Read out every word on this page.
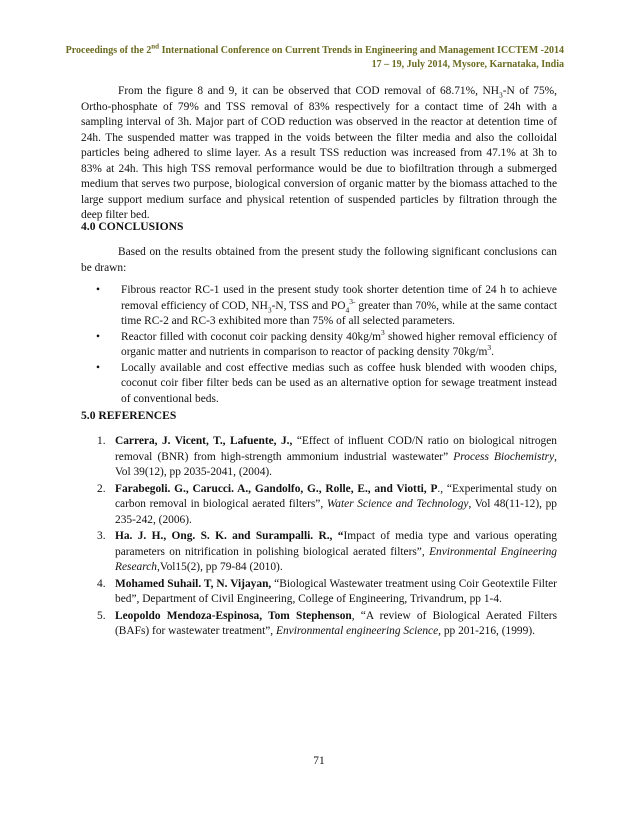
Proceedings of the 2nd International Conference on Current Trends in Engineering and Management ICCTEM -2014
17 – 19, July 2014, Mysore, Karnataka, India

From the figure 8 and 9, it can be observed that COD removal of 68.71%, $NH_3-N$ of 75%, Ortho-phosphate of 79% and TSS removal of 83% respectively for a contact time of 24h with a sampling interval of 3h. Major part of COD reduction was observed in the reactor at detention time of 24h. The suspended matter was trapped in the voids between the filter media and also the colloidal particles being adhered to slime layer. As a result TSS reduction was increased from 47.1% at 3h to 83% at 24h. This high TSS removal performance would be due to biofiltration through a submerged medium that serves two purpose, biological conversion of organic matter by the biomass attached to the large support medium surface and physical retention of suspended particles by filtration through the deep filter bed.

4.0 CONCLUSIONS

Based on the results obtained from the present study the following significant conclusions can be drawn:

• Fibrous reactor RC-1 used in the present study took shorter detention time of 24 h to achieve removal efficiency of COD, $NH_3-N$, TSS and $PO_4^{3-}$ greater than 70%, while at the same contact time RC-2 and RC-3 exhibited more than 75% of all selected parameters.
• Reactor filled with coconut coir packing density $40kg/m^3$ showed higher removal efficiency of organic matter and nutrients in comparison to reactor of packing density $70kg/m^3$.
• Locally available and cost effective medias such as coffee husk blended with wooden chips, coconut coir fiber filter beds can be used as an alternative option for sewage treatment instead of conventional beds.
5.0 REFERENCES
1. Carrera, J. Vicent, T., Lafuente, J., “Effect of influent COD/N ratio on biological nitrogen removal (BNR) from high-strength ammonium industrial wastewater” Process Biochemistry, Vol 39(12), pp 2035-2041, (2004).
2. Farabegoli. G., Carucci. A., Gandolfo, G., Rolle, E., and Viotti, P., “Experimental study on carbon removal in biological aerated filters”, Water Science and Technology, Vol 48(11-12), pp 235-242, (2006).
3. Ha. J. H., Ong. S. K. and Surampalli. R., “Impact of media type and various operating parameters on nitrification in polishing biological aerated filters”, Environmental Engineering Research,Vol15(2), pp 79-84 (2010).
4. Mohamed Suhail. T, N. Vijayan, “Biological Wastewater treatment using Coir Geotextile Filter bed”, Department of Civil Engineering, College of Engineering, Trivandrum, pp 1-4.
5. Leopoldo Mendoza-Espinosa, Tom Stephenson, “A review of Biological Aerated Filters (BAFs) for wastewater treatment”, Environmental engineering Science, pp 201-216, (1999).
71
